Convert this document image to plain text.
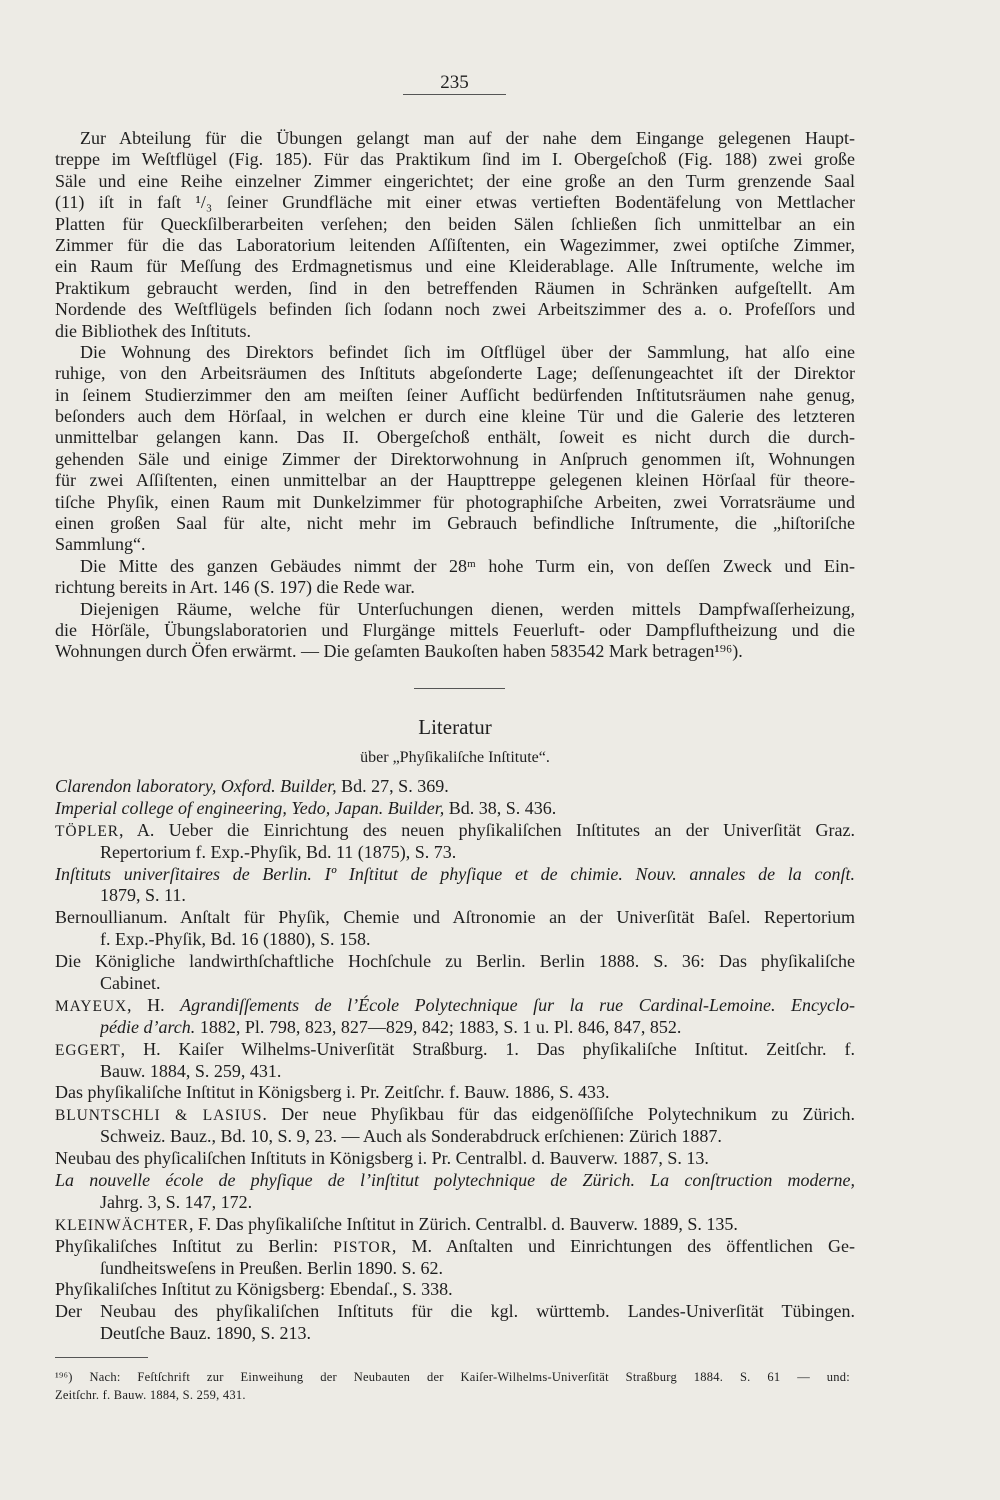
235
Zur Abteilung für die Übungen gelangt man auf der nahe dem Eingange gelegenen Haupt-
treppe im Weſtflügel (Fig. 185). Für das Praktikum ſind im I. Obergeſchoß (Fig. 188) zwei große
Säle und eine Reihe einzelner Zimmer eingerichtet; der eine große an den Turm grenzende Saal
(11) iſt in faſt ¹/₃ ſeiner Grundfläche mit einer etwas vertieften Bodentäfelung von Mettlacher
Platten für Queckſilberarbeiten verſehen; den beiden Sälen ſchließen ſich unmittelbar an ein
Zimmer für die das Laboratorium leitenden Aſſiſtenten, ein Wagezimmer, zwei optiſche Zimmer,
ein Raum für Meſſung des Erdmagnetismus und eine Kleiderablage. Alle Inſtrumente, welche im
Praktikum gebraucht werden, ſind in den betreffenden Räumen in Schränken aufgeſtellt. Am
Nordende des Weſtflügels befinden ſich ſodann noch zwei Arbeitszimmer des a. o. Profeſſors und
die Bibliothek des Inſtituts.
Die Wohnung des Direktors befindet ſich im Oſtflügel über der Sammlung, hat alſo eine
ruhige, von den Arbeitsräumen des Inſtituts abgeſonderte Lage; deſſenungeachtet iſt der Direktor
in ſeinem Studierzimmer den am meiſten ſeiner Aufſicht bedürfenden Inſtitutsräumen nahe genug,
beſonders auch dem Hörſaal, in welchen er durch eine kleine Tür und die Galerie des letzteren
unmittelbar gelangen kann. Das II. Obergeſchoß enthält, ſoweit es nicht durch die durch-
gehenden Säle und einige Zimmer der Direktorwohnung in Anſpruch genommen iſt, Wohnungen
für zwei Aſſiſtenten, einen unmittelbar an der Haupttreppe gelegenen kleinen Hörſaal für theore-
tiſche Phyſik, einen Raum mit Dunkelzimmer für photographiſche Arbeiten, zwei Vorratsräume und
einen großen Saal für alte, nicht mehr im Gebrauch befindliche Inſtrumente, die „hiſtoriſche
Sammlung“.
Die Mitte des ganzen Gebäudes nimmt der 28ᵐ hohe Turm ein, von deſſen Zweck und Ein-
richtung bereits in Art. 146 (S. 197) die Rede war.
Diejenigen Räume, welche für Unterſuchungen dienen, werden mittels Dampfwaſſerheizung,
die Hörſäle, Übungslaboratorien und Flurgänge mittels Feuerluft- oder Dampfluftheizung und die
Wohnungen durch Öfen erwärmt. — Die geſamten Baukoſten haben 583542 Mark betragen¹⁹⁶).
Literatur
über „Phyſikaliſche Inſtitute“.
Clarendon laboratory, Oxford. Builder, Bd. 27, S. 369.
Imperial college of engineering, Yedo, Japan. Builder, Bd. 38, S. 436.
TÖPLER, A. Ueber die Einrichtung des neuen phyſikaliſchen Inſtitutes an der Univerſität Graz.
Repertorium f. Exp.-Phyſik, Bd. 11 (1875), S. 73.
Inſtituts univerſitaires de Berlin. Iº Inſtitut de phyſique et de chimie. Nouv. annales de la conſt.
1879, S. 11.
Bernoullianum. Anſtalt für Phyſik, Chemie und Aſtronomie an der Univerſität Baſel. Repertorium
f. Exp.-Phyſik, Bd. 16 (1880), S. 158.
Die Königliche landwirthſchaftliche Hochſchule zu Berlin. Berlin 1888. S. 36: Das phyſikaliſche
Cabinet.
MAYEUX, H. Agrandiſſements de l’École Polytechnique ſur la rue Cardinal-Lemoine. Encyclo-
pédie d’arch. 1882, Pl. 798, 823, 827—829, 842; 1883, S. 1 u. Pl. 846, 847, 852.
EGGERT, H. Kaiſer Wilhelms-Univerſität Straßburg. 1. Das phyſikaliſche Inſtitut. Zeitſchr. f.
Bauw. 1884, S. 259, 431.
Das phyſikaliſche Inſtitut in Königsberg i. Pr. Zeitſchr. f. Bauw. 1886, S. 433.
BLUNTSCHLI & LASIUS. Der neue Phyſikbau für das eidgenöſſiſche Polytechnikum zu Zürich.
Schweiz. Bauz., Bd. 10, S. 9, 23. — Auch als Sonderabdruck erſchienen: Zürich 1887.
Neubau des phyſicaliſchen Inſtituts in Königsberg i. Pr. Centralbl. d. Bauverw. 1887, S. 13.
La nouvelle école de phyſique de l’inſtitut polytechnique de Zürich. La conſtruction moderne,
Jahrg. 3, S. 147, 172.
KLEINWÄCHTER, F. Das phyſikaliſche Inſtitut in Zürich. Centralbl. d. Bauverw. 1889, S. 135.
Phyſikaliſches Inſtitut zu Berlin: PISTOR, M. Anſtalten und Einrichtungen des öffentlichen Ge-
ſundheitsweſens in Preußen. Berlin 1890. S. 62.
Phyſikaliſches Inſtitut zu Königsberg: Ebendaſ., S. 338.
Der Neubau des phyſikaliſchen Inſtituts für die kgl. württemb. Landes-Univerſität Tübingen.
Deutſche Bauz. 1890, S. 213.
¹⁹⁶) Nach: Feſtſchrift zur Einweihung der Neubauten der Kaiſer-Wilhelms-Univerſität Straßburg 1884. S. 61 — und:
Zeitſchr. f. Bauw. 1884, S. 259, 431.
